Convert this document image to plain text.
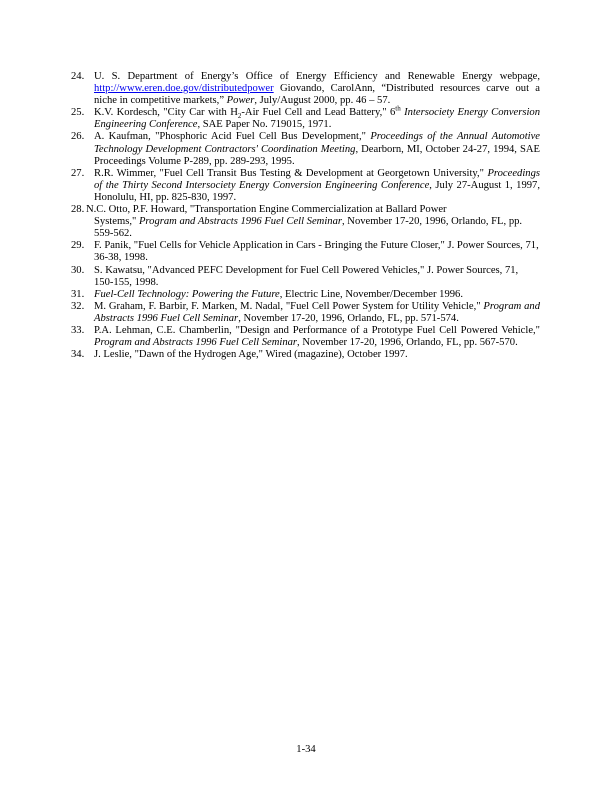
24. U. S. Department of Energy’s Office of Energy Efficiency and Renewable Energy webpage, http://www.eren.doe.gov/distributedpower Giovando, CarolAnn, “Distributed resources carve out a niche in competitive markets,” Power, July/August 2000, pp. 46 – 57.
25. K.V. Kordesch, "City Car with $H_2$-Air Fuel Cell and Lead Battery," 6th Intersociety Energy Conversion Engineering Conference, SAE Paper No. 719015, 1971.
26. A. Kaufman, "Phosphoric Acid Fuel Cell Bus Development," Proceedings of the Annual Automotive Technology Development Contractors' Coordination Meeting, Dearborn, MI, October 24-27, 1994, SAE Proceedings Volume P-289, pp. 289-293, 1995.
27. R.R. Wimmer, "Fuel Cell Transit Bus Testing & Development at Georgetown University," Proceedings of the Thirty Second Intersociety Energy Conversion Engineering Conference, July 27-August 1, 1997, Honolulu, HI, pp. 825-830, 1997.
28. N.C. Otto, P.F. Howard, "Transportation Engine Commercialization at Ballard Power
Systems," Program and Abstracts 1996 Fuel Cell Seminar, November 17-20, 1996, Orlando, FL, pp. 559-562.
29. F. Panik, "Fuel Cells for Vehicle Application in Cars - Bringing the Future Closer," J. Power Sources, 71, 36-38, 1998.
30. S. Kawatsu, "Advanced PEFC Development for Fuel Cell Powered Vehicles," J. Power Sources, 71, 150-155, 1998.
31. Fuel-Cell Technology: Powering the Future, Electric Line, November/December 1996.
32. M. Graham, F. Barbir, F. Marken, M. Nadal, "Fuel Cell Power System for Utility Vehicle," Program and Abstracts 1996 Fuel Cell Seminar, November 17-20, 1996, Orlando, FL, pp. 571-574.
33. P.A. Lehman, C.E. Chamberlin, "Design and Performance of a Prototype Fuel Cell Powered Vehicle," Program and Abstracts 1996 Fuel Cell Seminar, November 17-20, 1996, Orlando, FL, pp. 567-570.
34. J. Leslie, "Dawn of the Hydrogen Age," Wired (magazine), October 1997.
1-34
